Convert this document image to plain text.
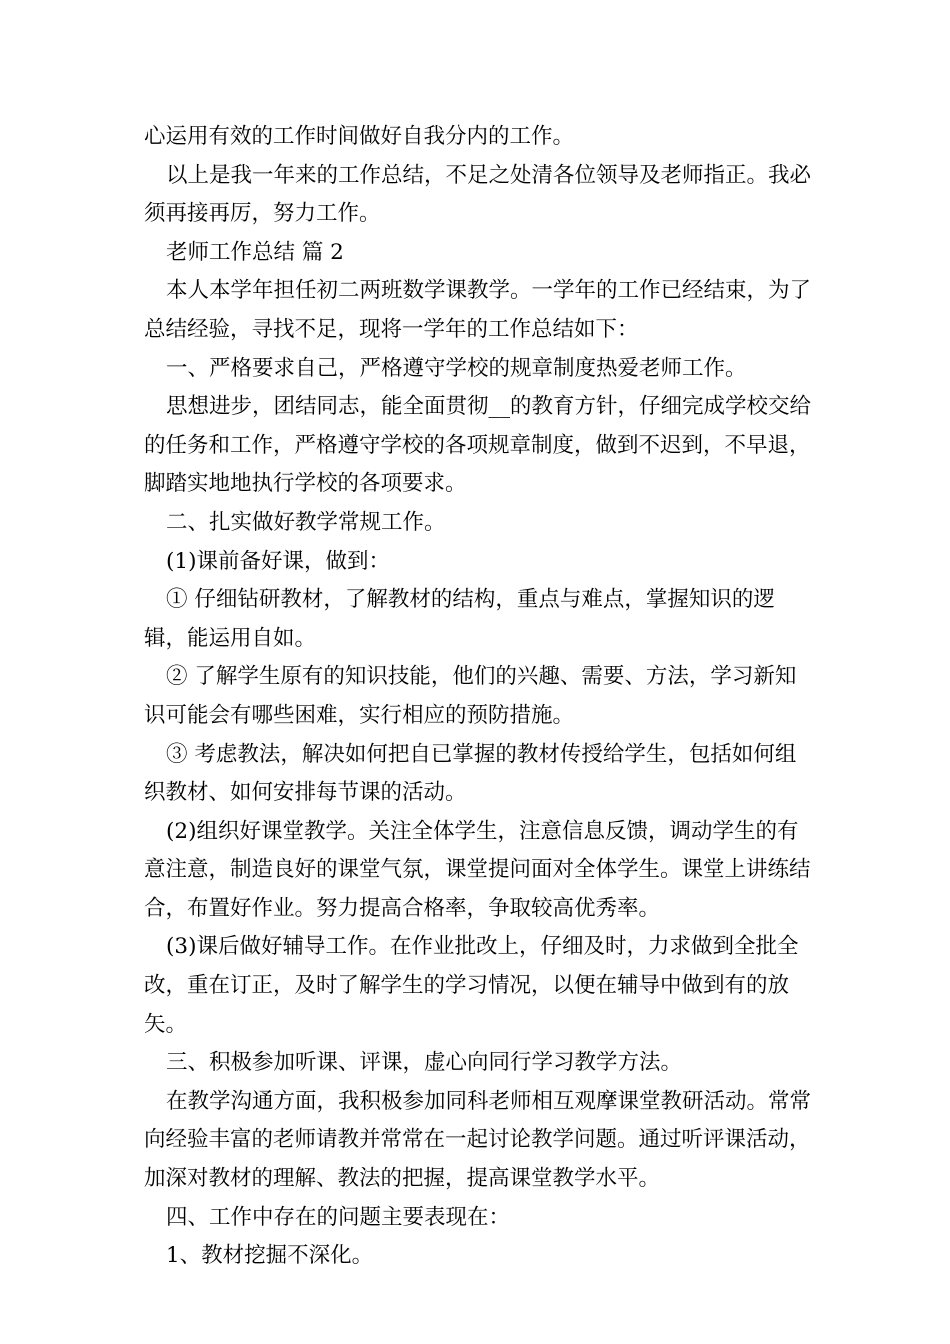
心运用有效的工作时间做好自我分内的工作。

以上是我一年来的工作总结，不足之处清各位领导及老师指正。我必须再接再厉，努力工作。

老师工作总结 篇 2

本人本学年担任初二两班数学课教学。一学年的工作已经结束，为了总结经验，寻找不足，现将一学年的工作总结如下：

一、严格要求自己，严格遵守学校的规章制度热爱老师工作。

思想进步，团结同志，能全面贯彻__的教育方针，仔细完成学校交给的任务和工作，严格遵守学校的各项规章制度，做到不迟到，不早退，脚踏实地地执行学校的各项要求。

二、扎实做好教学常规工作。

(1)课前备好课，做到：

① 仔细钻研教材，了解教材的结构，重点与难点，掌握知识的逻辑，能运用自如。

② 了解学生原有的知识技能，他们的兴趣、需要、方法，学习新知识可能会有哪些困难，实行相应的预防措施。

③ 考虑教法，解决如何把自已掌握的教材传授给学生，包括如何组织教材、如何安排每节课的活动。

(2)组织好课堂教学。关注全体学生，注意信息反馈，调动学生的有意注意，制造良好的课堂气氛，课堂提问面对全体学生。课堂上讲练结合，布置好作业。努力提高合格率，争取较高优秀率。

(3)课后做好辅导工作。在作业批改上，仔细及时，力求做到全批全改，重在订正，及时了解学生的学习情况，以便在辅导中做到有的放矢。

三、积极参加听课、评课，虚心向同行学习教学方法。

在教学沟通方面，我积极参加同科老师相互观摩课堂教研活动。常常向经验丰富的老师请教并常常在一起讨论教学问题。通过听评课活动，加深对教材的理解、教法的把握，提高课堂教学水平。

四、工作中存在的问题主要表现在：

1、教材挖掘不深化。
